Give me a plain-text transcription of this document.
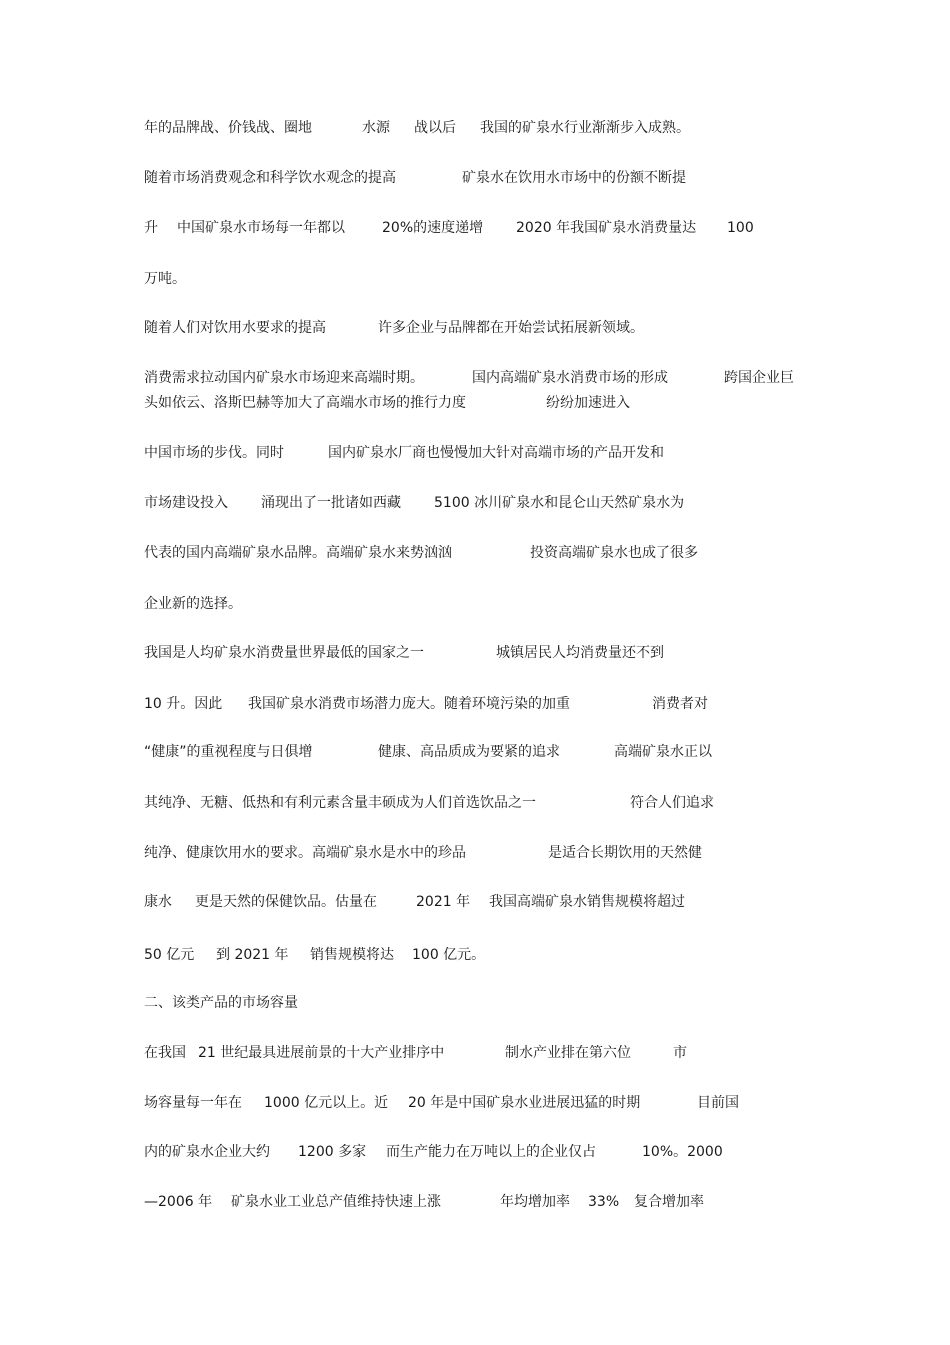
年的品牌战、价钱战、圈地	水源 战以后 我国的矿泉水行业渐渐步入成熟。
随着市场消费观念和科学饮水观念的提高	矿泉水在饮用水市场中的份额不断提
升 中国矿泉水市场每一年都以	20%的速度递增 2020 年我国矿泉水消费量达 100
万吨。
随着人们对饮用水要求的提高	许多企业与品牌都在开始尝试拓展新领域。
消费需求拉动国内矿泉水市场迎来高端时期。	国内高端矿泉水消费市场的形成	跨国企业巨
头如依云、洛斯巴赫等加大了高端水市场的推行力度	纷纷加速进入
中国市场的步伐。同时	国内矿泉水厂商也慢慢加大针对高端市场的产品开发和
市场建设投入 涌现出了一批诸如西藏 5100 冰川矿泉水和昆仑山天然矿泉水为
代表的国内高端矿泉水品牌。高端矿泉水来势汹汹	投资高端矿泉水也成了很多
企业新的选择。
我国是人均矿泉水消费量世界最低的国家之一	城镇居民人均消费量还不到
10 升。因此 我国矿泉水消费市场潜力庞大。随着环境污染的加重	消费者对
“健康”的重视程度与日俱增	健康、高品质成为要紧的追求	高端矿泉水正以
其纯净、无糖、低热和有利元素含量丰硕成为人们首选饮品之一	符合人们追求
纯净、健康饮用水的要求。高端矿泉水是水中的珍品	是适合长期饮用的天然健
康水 更是天然的保健饮品。估量在	2021 年 我国高端矿泉水销售规模将超过
50 亿元 到 2021 年 销售规模将达 100 亿元。
二、该类产品的市场容量
在我国 21 世纪最具进展前景的十大产业排序中	制水产业排在第六位	市
场容量每一年在 1000 亿元以上。近 20 年是中国矿泉水业进展迅猛的时期	目前国
内的矿泉水企业大约 1200 多家 而生产能力在万吨以上的企业仅占	10%。2000
—2006 年 矿泉水业工业总产值维持快速上涨	年均增加率 33% 复合增加率
